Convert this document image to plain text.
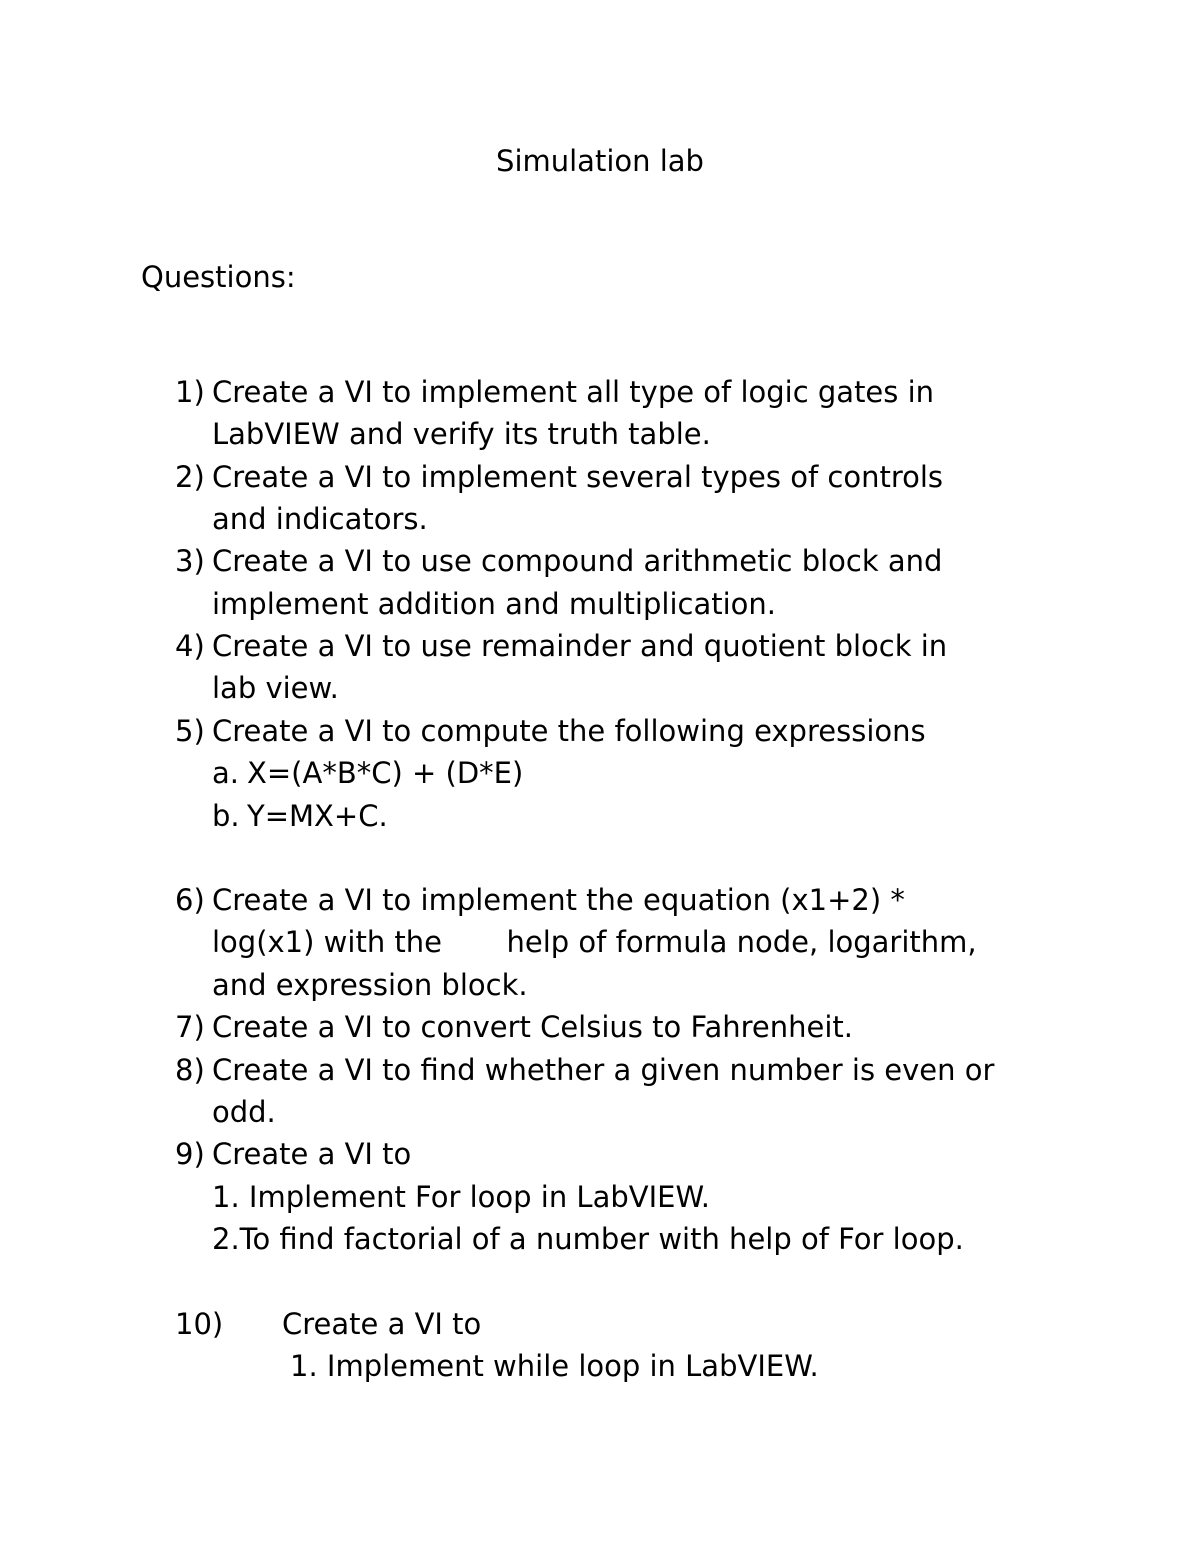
Simulation lab
Questions:
1) Create a VI to implement all type of logic gates in
LabVIEW and verify its truth table.
2) Create a VI to implement several types of controls
and indicators.
3) Create a VI to use compound arithmetic block and
implement addition and multiplication.
4) Create a VI to use remainder and quotient block in
lab view.
5) Create a VI to compute the following expressions
a. X=(A*B*C) + (D*E)
b. Y=MX+C.
6) Create a VI to implement the equation (x1+2) *
log(x1) with the       help of formula node, logarithm,
and expression block.
7) Create a VI to convert Celsius to Fahrenheit.
8) Create a VI to find whether a given number is even or
odd.
9) Create a VI to
1. Implement For loop in LabVIEW.
2.To find factorial of a number with help of For loop.
10) Create a VI to
1. Implement while loop in LabVIEW.
